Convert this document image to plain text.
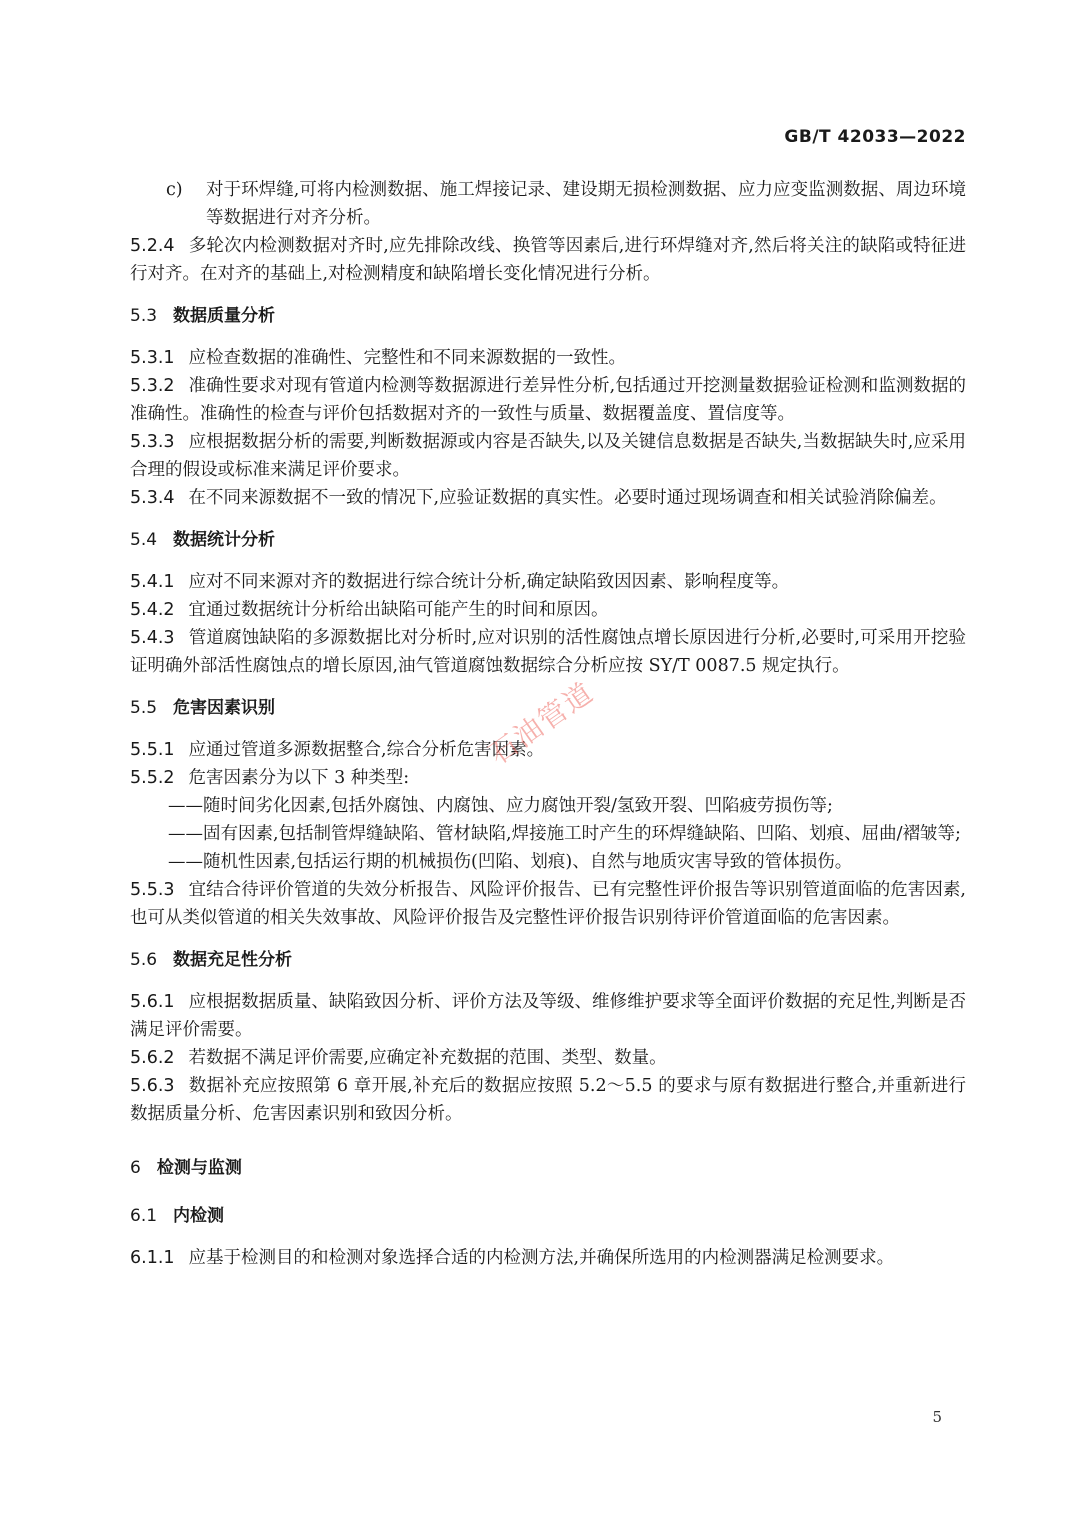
GB/T 42033—2022

c) 对于环焊缝,可将内检测数据、施工焊接记录、建设期无损检测数据、应力应变监测数据、周边环境等数据进行对齐分析。

5.2.4 多轮次内检测数据对齐时,应先排除改线、换管等因素后,进行环焊缝对齐,然后将关注的缺陷或特征进行对齐。在对齐的基础上,对检测精度和缺陷增长变化情况进行分析。

5.3 数据质量分析

5.3.1 应检查数据的准确性、完整性和不同来源数据的一致性。

5.3.2 准确性要求对现有管道内检测等数据源进行差异性分析,包括通过开挖测量数据验证检测和监测数据的准确性。准确性的检查与评价包括数据对齐的一致性与质量、数据覆盖度、置信度等。

5.3.3 应根据数据分析的需要,判断数据源或内容是否缺失,以及关键信息数据是否缺失,当数据缺失时,应采用合理的假设或标准来满足评价要求。

5.3.4 在不同来源数据不一致的情况下,应验证数据的真实性。必要时通过现场调查和相关试验消除偏差。

5.4 数据统计分析

5.4.1 应对不同来源对齐的数据进行综合统计分析,确定缺陷致因因素、影响程度等。

5.4.2 宜通过数据统计分析给出缺陷可能产生的时间和原因。

5.4.3 管道腐蚀缺陷的多源数据比对分析时,应对识别的活性腐蚀点增长原因进行分析,必要时,可采用开挖验证明确外部活性腐蚀点的增长原因,油气管道腐蚀数据综合分析应按 SY/T 0087.5 规定执行。

5.5 危害因素识别

5.5.1 应通过管道多源数据整合,综合分析危害因素。

5.5.2 危害因素分为以下 3 种类型:

——随时间劣化因素,包括外腐蚀、内腐蚀、应力腐蚀开裂/氢致开裂、凹陷疲劳损伤等;

——固有因素,包括制管焊缝缺陷、管材缺陷,焊接施工时产生的环焊缝缺陷、凹陷、划痕、屈曲/褶皱等;

——随机性因素,包括运行期的机械损伤(凹陷、划痕)、自然与地质灾害导致的管体损伤。

5.5.3 宜结合待评价管道的失效分析报告、风险评价报告、已有完整性评价报告等识别管道面临的危害因素,也可从类似管道的相关失效事故、风险评价报告及完整性评价报告识别待评价管道面临的危害因素。

5.6 数据充足性分析

5.6.1 应根据数据质量、缺陷致因分析、评价方法及等级、维修维护要求等全面评价数据的充足性,判断是否满足评价需要。

5.6.2 若数据不满足评价需要,应确定补充数据的范围、类型、数量。

5.6.3 数据补充应按照第 6 章开展,补充后的数据应按照 5.2～5.5 的要求与原有数据进行整合,并重新进行数据质量分析、危害因素识别和致因分析。

6 检测与监测
6.1 内检测

6.1.1 应基于检测目的和检测对象选择合适的内检测方法,并确保所选用的内检测器满足检测要求。

5
石油管道
